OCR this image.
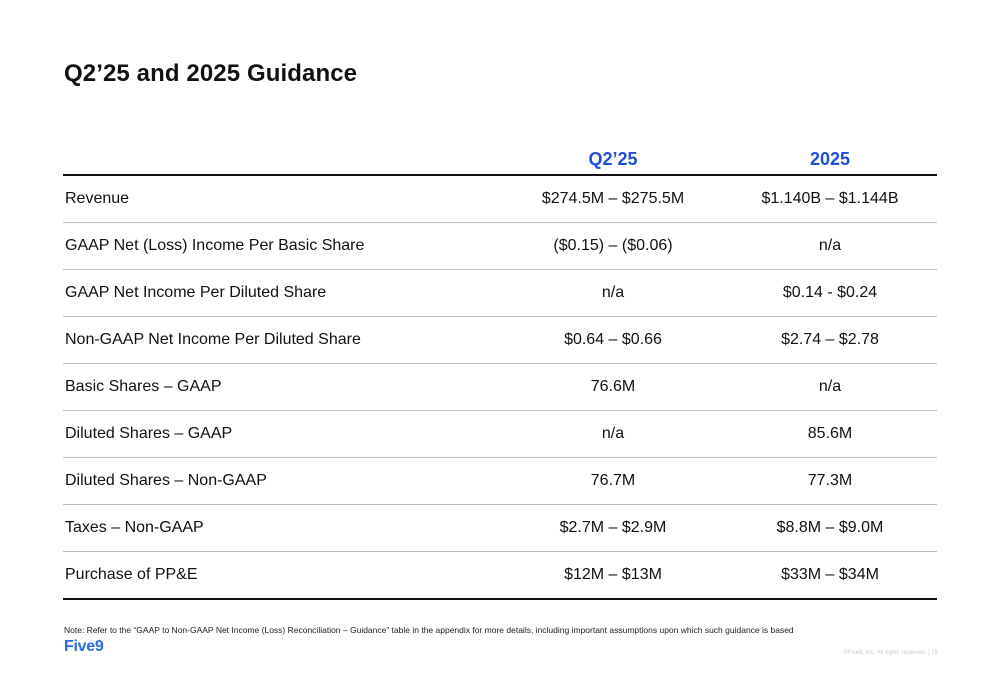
Q2’25 and 2025 Guidance
	Q2’25	2025
Revenue	$274.5M – $275.5M	$1.140B – $1.144B
GAAP Net (Loss) Income Per Basic Share	($0.15) – ($0.06)	n/a
GAAP Net Income Per Diluted Share	n/a	$0.14 - $0.24
Non-GAAP Net Income Per Diluted Share	$0.64 – $0.66	$2.74 – $2.78
Basic Shares – GAAP	76.6M	n/a
Diluted Shares – GAAP	n/a	85.6M
Diluted Shares – Non-GAAP	76.7M	77.3M
Taxes – Non-GAAP	$2.7M – $2.9M	$8.8M – $9.0M
Purchase of PP&E	$12M – $13M	$33M – $34M
Note: Refer to the “GAAP to Non-GAAP Net Income (Loss) Reconciliation – Guidance” table in the appendix for more details, including important assumptions upon which such guidance is based
Five9	©Five9, Inc. All rights reserved. | 15
